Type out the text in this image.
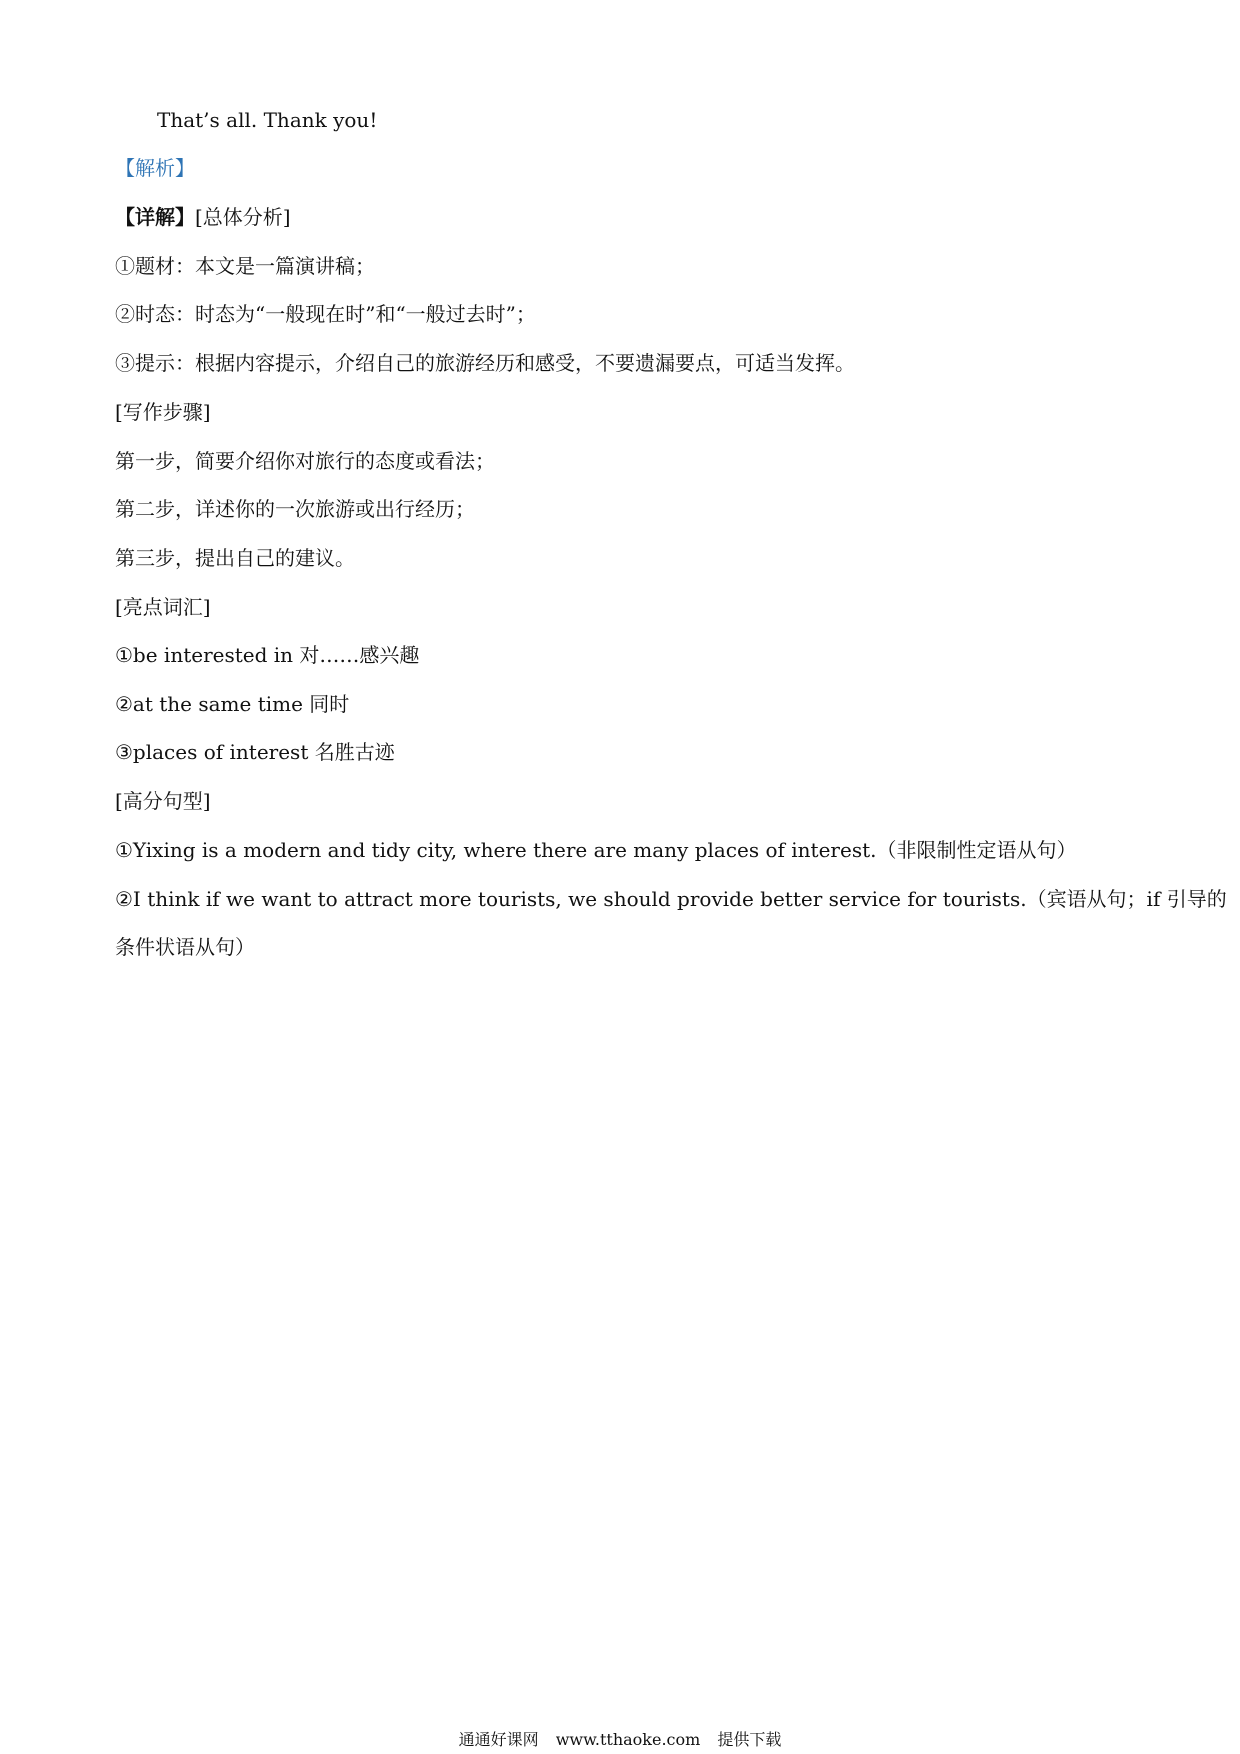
That’s all. Thank you!
【解析】
【详解】[总体分析]
①题材：本文是一篇演讲稿；
②时态：时态为“一般现在时”和“一般过去时”；
③提示：根据内容提示，介绍自己的旅游经历和感受，不要遗漏要点，可适当发挥。
[写作步骤]
第一步，简要介绍你对旅行的态度或看法；
第二步，详述你的一次旅游或出行经历；
第三步，提出自己的建议。
[亮点词汇]
①be interested in 对……感兴趣
②at the same time 同时
③places of interest 名胜古迹
[高分句型]
①Yixing is a modern and tidy city, where there are many places of interest.（非限制性定语从句）
②I think if we want to attract more tourists, we should provide better service for tourists.（宾语从句；if 引导的
条件状语从句）
通通好课网 www.tthaoke.com 提供下载
